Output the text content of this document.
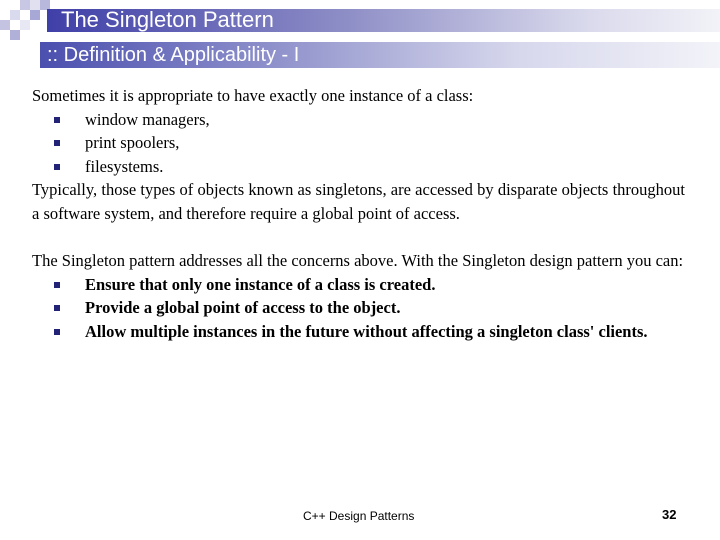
The Singleton Pattern
:: Definition & Applicability - I

Sometimes it is appropriate to have exactly one instance of a class:

window managers,
print spoolers,
filesystems.

Typically, those types of objects known as singletons, are accessed by disparate objects throughout a software system, and therefore require a global point of access.

The Singleton pattern addresses all the concerns above. With the Singleton design pattern you can:

Ensure that only one instance of a class is created.
Provide a global point of access to the object.
Allow multiple instances in the future without affecting a singleton class' clients.
C++ Design Patterns	32
